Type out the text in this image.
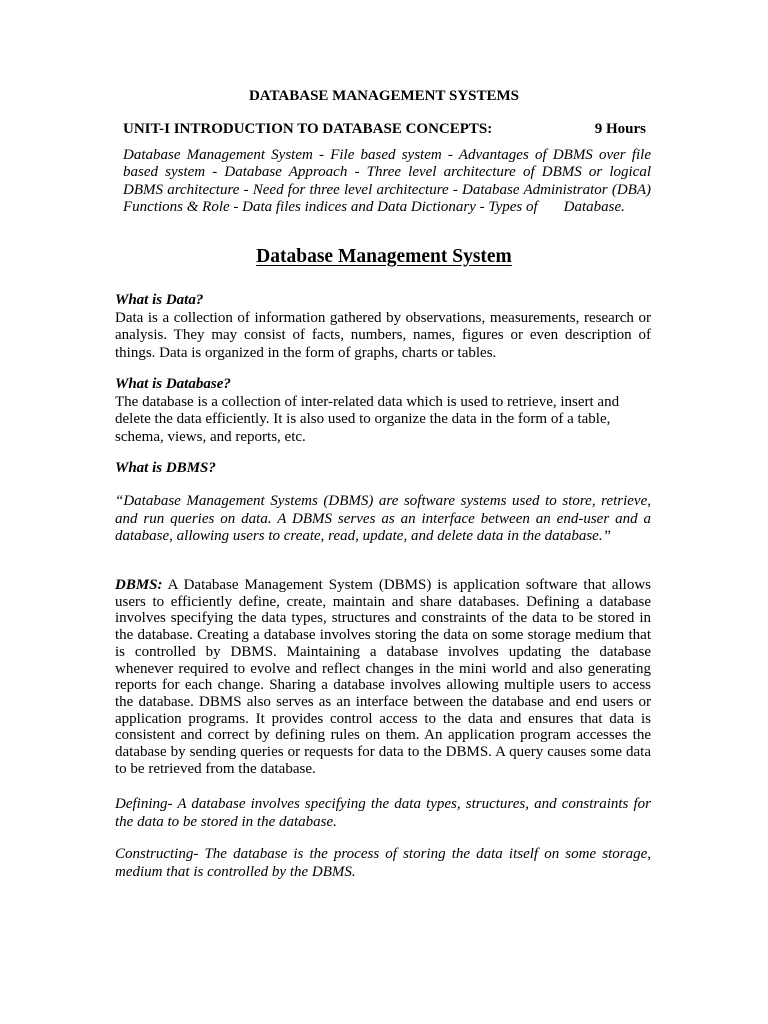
DATABASE MANAGEMENT SYSTEMS
UNIT-I INTRODUCTION TO DATABASE CONCEPTS:	9 Hours
Database Management System - File based system - Advantages of DBMS over file based system - Database Approach - Three level architecture of DBMS or logical DBMS architecture - Need for three level architecture - Database Administrator (DBA) Functions & Role - Data files indices and Data Dictionary - Types of Database.
Database Management System
What is Data?
Data is a collection of information gathered by observations, measurements, research or analysis. They may consist of facts, numbers, names, figures or even description of things. Data is organized in the form of graphs, charts or tables.
What is Database?
The database is a collection of inter-related data which is used to retrieve, insert and delete the data efficiently. It is also used to organize the data in the form of a table, schema, views, and reports, etc.
What is DBMS?
“Database Management Systems (DBMS) are software systems used to store, retrieve, and run queries on data. A DBMS serves as an interface between an end-user and a database, allowing users to create, read, update, and delete data in the database.”
DBMS: A Database Management System (DBMS) is application software that allows users to efficiently define, create, maintain and share databases. Defining a database involves specifying the data types, structures and constraints of the data to be stored in the database. Creating a database involves storing the data on some storage medium that is controlled by DBMS. Maintaining a database involves updating the database whenever required to evolve and reflect changes in the mini world and also generating reports for each change. Sharing a database involves allowing multiple users to access the database. DBMS also serves as an interface between the database and end users or application programs. It provides control access to the data and ensures that data is consistent and correct by defining rules on them. An application program accesses the database by sending queries or requests for data to the DBMS. A query causes some data to be retrieved from the database.
Defining- A database involves specifying the data types, structures, and constraints for the data to be stored in the database.
Constructing- The database is the process of storing the data itself on some storage, medium that is controlled by the DBMS.
